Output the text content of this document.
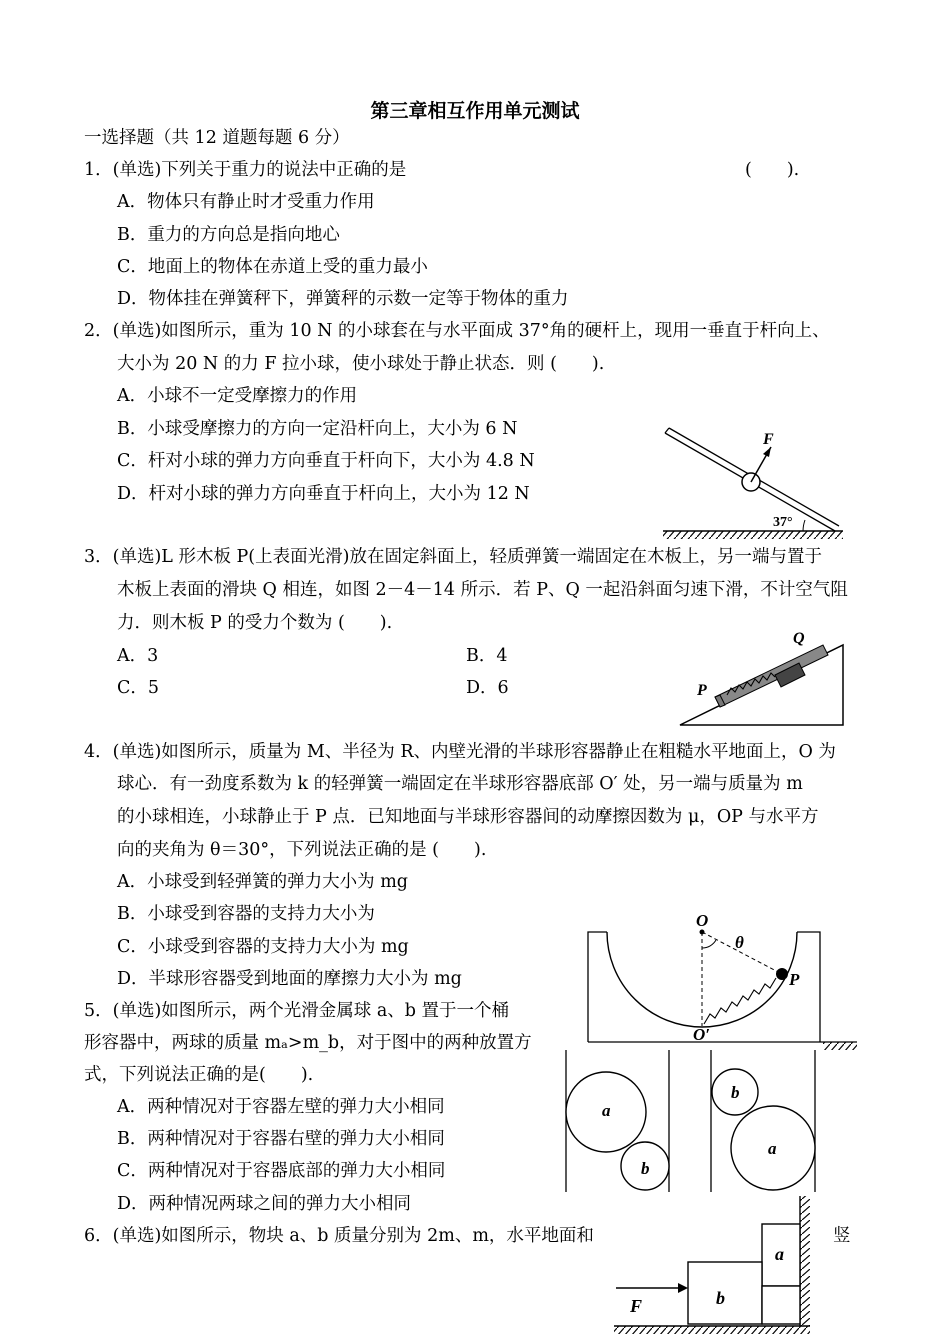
第三章相互作用单元测试
一选择题（共 12 道题每题 6 分）
1．(单选)下列关于重力的说法中正确的是	(　　).
A．物体只有静止时才受重力作用
B．重力的方向总是指向地心
C．地面上的物体在赤道上受的重力最小
D．物体挂在弹簧秤下，弹簧秤的示数一定等于物体的重力
2．(单选)如图所示，重为 10 N 的小球套在与水平面成 37°角的硬杆上，现用一垂直于杆向上、
大小为 20 N 的力 F 拉小球，使小球处于静止状态．则 (　　).
A．小球不一定受摩擦力的作用
B．小球受摩擦力的方向一定沿杆向上，大小为 6 N
C．杆对小球的弹力方向垂直于杆向下，大小为 4.8 N
D．杆对小球的弹力方向垂直于杆向上，大小为 12 N
F
37°
3．(单选)L 形木板 P(上表面光滑)放在固定斜面上，轻质弹簧一端固定在木板上，另一端与置于
木板上表面的滑块 Q 相连，如图 2－4－14 所示．若 P、Q 一起沿斜面匀速下滑，不计空气阻
力．则木板 P 的受力个数为 (　　).
A．3	B．4
C．5	D．6
Q
P
4．(单选)如图所示，质量为 M、半径为 R、内壁光滑的半球形容器静止在粗糙水平地面上，O 为
球心．有一劲度系数为 k 的轻弹簧一端固定在半球形容器底部 O′ 处，另一端与质量为 m
的小球相连，小球静止于 P 点．已知地面与半球形容器间的动摩擦因数为 μ，OP 与水平方
向的夹角为 θ＝30°，下列说法正确的是 (　　).
A．小球受到轻弹簧的弹力大小为 mg
B．小球受到容器的支持力大小为
C．小球受到容器的支持力大小为 mg
D．半球形容器受到地面的摩擦力大小为 mg
O
θ
P
O′
5．(单选)如图所示，两个光滑金属球 a、b 置于一个桶
形容器中，两球的质量 mₐ>m_b，对于图中的两种放置方
式，下列说法正确的是(　　).
A．两种情况对于容器左壁的弹力大小相同
B．两种情况对于容器右壁的弹力大小相同
C．两种情况对于容器底部的弹力大小相同
D．两种情况两球之间的弹力大小相同
a
b
b
a
6．(单选)如图所示，物块 a、b 质量分别为 2m、m，水平地面和	竖
a
b
F
